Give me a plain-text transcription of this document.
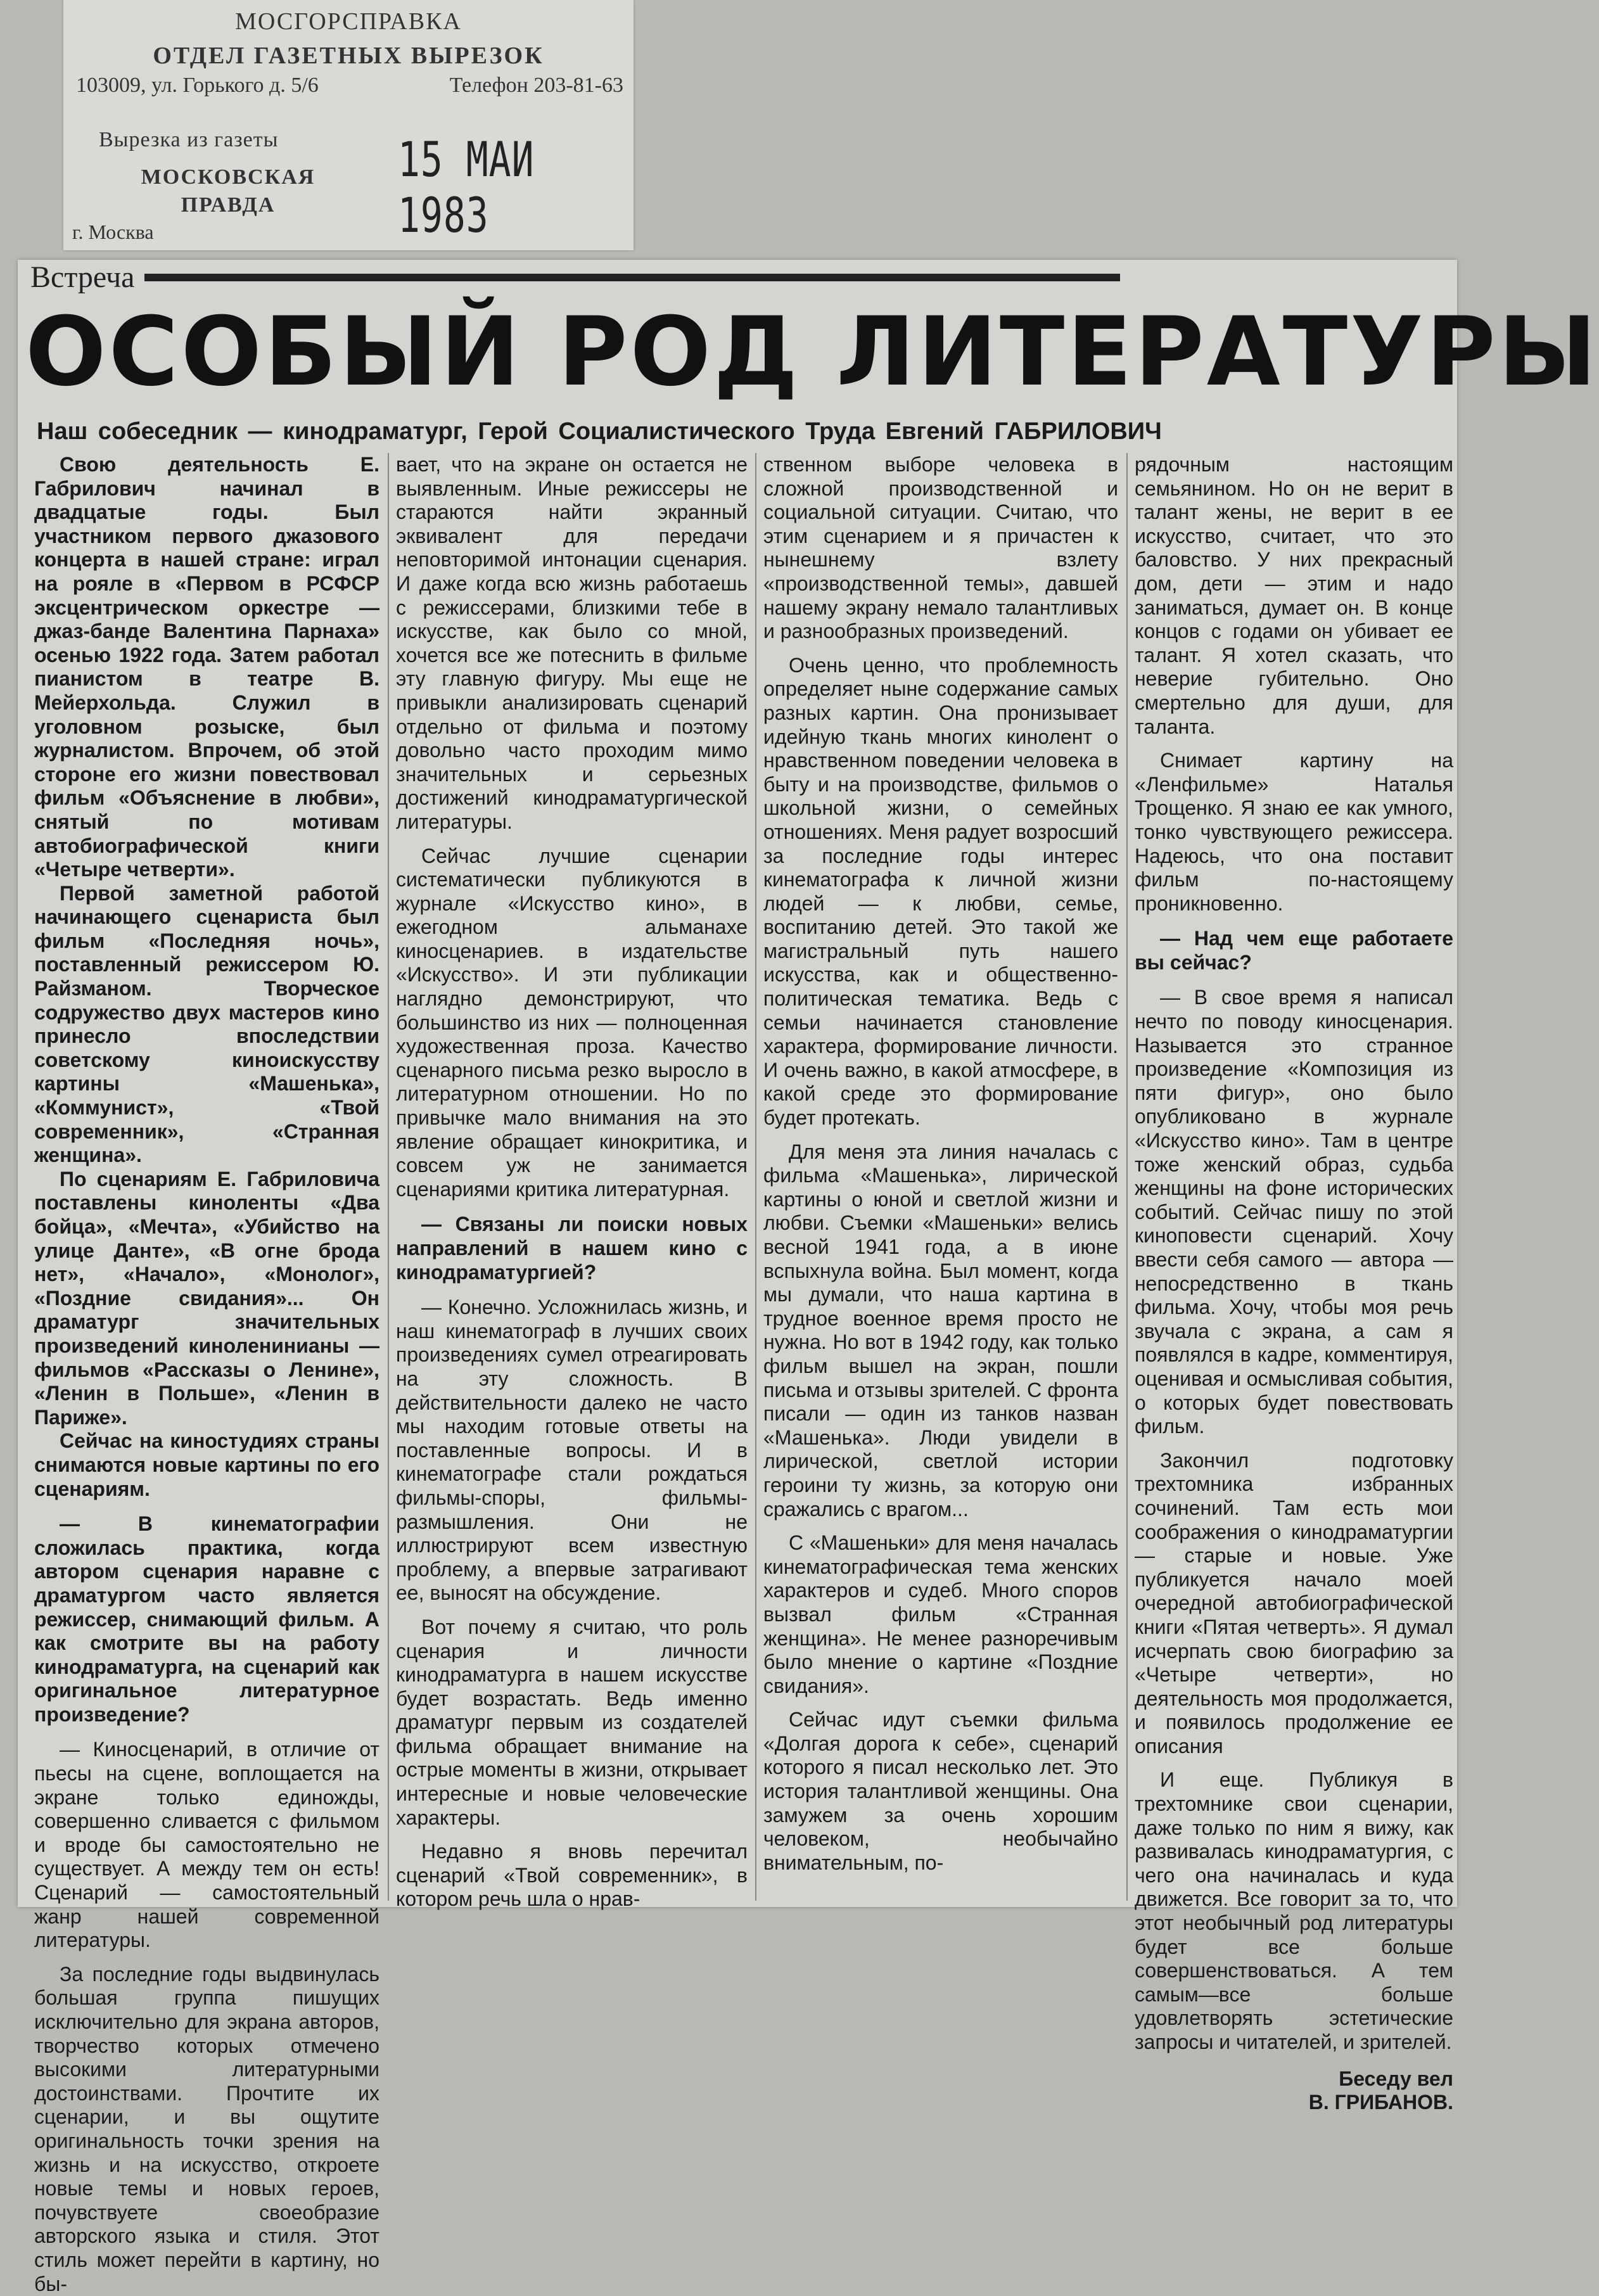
МОСГОРСПРАВКА
ОТДЕЛ ГАЗЕТНЫХ ВЫРЕЗОК
103009, ул. Горького д. 5/6	Телефон 203-81-63
Вырезка из газеты
МОСКОВСКАЯ ПРАВДА
15 МАИ 1983
г. Москва
Встреча
ОСОБЫЙ РОД ЛИТЕРАТУРЫ
Наш собеседник — кинодраматург, Герой Социалистического Труда Евгений ГАБРИЛОВИЧ

Свою деятельность Е. Габрилович начинал в двадцатые годы. Был участником первого джазового концерта в нашей стране: играл на рояле в «Первом в РСФСР эксцентрическом оркестре — джаз-банде Валентина Парнаха» осенью 1922 года. Затем работал пианистом в театре В. Мейерхольда. Служил в уголовном розыске, был журналистом. Впрочем, об этой стороне его жизни повествовал фильм «Объяснение в любви», снятый по мотивам автобиографической книги «Четыре четверти».

Первой заметной работой начинающего сценариста был фильм «Последняя ночь», поставленный режиссером Ю. Райзманом. Творческое содружество двух мастеров кино принесло впоследствии советскому киноискусству картины «Машенька», «Коммунист», «Твой современник», «Странная женщина».

По сценариям Е. Габриловича поставлены киноленты «Два бойца», «Мечта», «Убийство на улице Данте», «В огне брода нет», «Начало», «Монолог», «Поздние свидания»... Он драматург значительных произведений киноленинианы — фильмов «Рассказы о Ленине», «Ленин в Польше», «Ленин в Париже».

Сейчас на киностудиях страны снимаются новые картины по его сценариям.

— В кинематографии сложилась практика, когда автором сценария наравне с драматургом часто является режиссер, снимающий фильм. А как смотрите вы на работу кинодраматурга, на сценарий как оригинальное литературное произведение?

— Киносценарий, в отличие от пьесы на сцене, воплощается на экране только единожды, совершенно сливается с фильмом и вроде бы самостоятельно не существует. А между тем он есть! Сценарий — самостоятельный жанр нашей современной литературы.

За последние годы выдвинулась большая группа пишущих исключительно для экрана авторов, творчество которых отмечено высокими литературными достоинствами. Прочтите их сценарии, и вы ощутите оригинальность точки зрения на жизнь и на искусство, откроете новые темы и новых героев, почувствуете своеобразие авторского языка и стиля. Этот стиль может перейти в картину, но бы-

вает, что на экране он остается не выявленным. Иные режиссеры не стараются найти экранный эквивалент для передачи неповторимой интонации сценария. И даже когда всю жизнь работаешь с режиссерами, близкими тебе в искусстве, как было со мной, хочется все же потеснить в фильме эту главную фигуру. Мы еще не привыкли анализировать сценарий отдельно от фильма и поэтому довольно часто проходим мимо значительных и серьезных достижений кинодраматургической литературы.

Сейчас лучшие сценарии систематически публикуются в журнале «Искусство кино», в ежегодном альманахе киносценариев. в издательстве «Искусство». И эти публикации наглядно демонстрируют, что большинство из них — полноценная художественная проза. Качество сценарного письма резко выросло в литературном отношении. Но по привычке мало внимания на это явление обращает кинокритика, и совсем уж не занимается сценариями критика литературная.

— Связаны ли поиски новых направлений в нашем кино с кинодраматургией?

— Конечно. Усложнилась жизнь, и наш кинематограф в лучших своих произведениях сумел отреагировать на эту сложность. В действительности далеко не часто мы находим готовые ответы на поставленные вопросы. И в кинематографе стали рождаться фильмы-споры, фильмы-размышления. Они не иллюстрируют всем известную проблему, а впервые затрагивают ее, выносят на обсуждение.

Вот почему я считаю, что роль сценария и личности кинодраматурга в нашем искусстве будет возрастать. Ведь именно драматург первым из создателей фильма обращает внимание на острые моменты в жизни, открывает интересные и новые человеческие характеры.

Недавно я вновь перечитал сценарий «Твой современник», в котором речь шла о нрав-

ственном выборе человека в сложной производственной и социальной ситуации. Считаю, что этим сценарием и я причастен к нынешнему взлету «производственной темы», давшей нашему экрану немало талантливых и разнообразных произведений.

Очень ценно, что проблемность определяет ныне содержание самых разных картин. Она пронизывает идейную ткань многих кинолент о нравственном поведении человека в быту и на производстве, фильмов о школьной жизни, о семейных отношениях. Меня радует возросший за последние годы интерес кинематографа к личной жизни людей — к любви, семье, воспитанию детей. Это такой же магистральный путь нашего искусства, как и общественно-политическая тематика. Ведь с семьи начинается становление характера, формирование личности. И очень важно, в какой атмосфере, в какой среде это формирование будет протекать.

Для меня эта линия началась с фильма «Машенька», лирической картины о юной и светлой жизни и любви. Съемки «Машеньки» велись весной 1941 года, а в июне вспыхнула война. Был момент, когда мы думали, что наша картина в трудное военное время просто не нужна. Но вот в 1942 году, как только фильм вышел на экран, пошли письма и отзывы зрителей. С фронта писали — один из танков назван «Машенька». Люди увидели в лирической, светлой истории героини ту жизнь, за которую они сражались с врагом...

С «Машеньки» для меня началась кинематографическая тема женских характеров и судеб. Много споров вызвал фильм «Странная женщина». Не менее разноречивым было мнение о картине «Поздние свидания».

Сейчас идут съемки фильма «Долгая дорога к себе», сценарий которого я писал несколько лет. Это история талантливой женщины. Она замужем за очень хорошим человеком, необычайно внимательным, по-

рядочным настоящим семьянином. Но он не верит в талант жены, не верит в ее искусство, считает, что это баловство. У них прекрасный дом, дети — этим и надо заниматься, думает он. В конце концов с годами он убивает ее талант. Я хотел сказать, что неверие губительно. Оно смертельно для души, для таланта.

Снимает картину на «Ленфильме» Наталья Трощенко. Я знаю ее как умного, тонко чувствующего режиссера. Надеюсь, что она поставит фильм по-настоящему проникновенно.

— Над чем еще работаете вы сейчас?

— В свое время я написал нечто по поводу киносценария. Называется это странное произведение «Композиция из пяти фигур», оно было опубликовано в журнале «Искусство кино». Там в центре тоже женский образ, судьба женщины на фоне исторических событий. Сейчас пишу по этой киноповести сценарий. Хочу ввести себя самого — автора — непосредственно в ткань фильма. Хочу, чтобы моя речь звучала с экрана, а сам я появлялся в кадре, комментируя, оценивая и осмысливая события, о которых будет повествовать фильм.

Закончил подготовку трехтомника избранных сочинений. Там есть мои соображения о кинодраматургии — старые и новые. Уже публикуется начало моей очередной автобиографической книги «Пятая четверть». Я думал исчерпать свою биографию за «Четыре четверти», но деятельность моя продолжается, и появилось продолжение ее описания

И еще. Публикуя в трехтомнике свои сценарии, даже только по ним я вижу, как развивалась кинодраматургия, с чего она начиналась и куда движется. Все говорит за то, что этот необычный род литературы будет все больше совершенствоваться. А тем самым—все больше удовлетворять эстетические запросы и читателей, и зрителей.

Беседу вел
В. ГРИБАНОВ.
